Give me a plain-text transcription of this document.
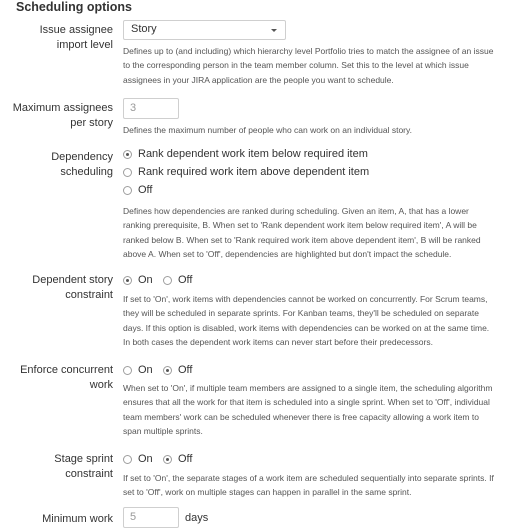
Scheduling options
Issue assignee
import level
Story
Defines up to (and including) which hierarchy level Portfolio tries to match the assignee of an issue
to the corresponding person in the team member column. Set this to the level at which issue
assignees in your JIRA application are the people you want to schedule.
Maximum assignees
per story
3
Defines the maximum number of people who can work on an individual story.
Dependency
scheduling
Rank dependent work item below required item
Rank required work item above dependent item
Off
Defines how dependencies are ranked during scheduling. Given an item, A, that has a lower
ranking prerequisite, B. When set to 'Rank dependent work item below required item', A will be
ranked below B. When set to 'Rank required work item above dependent item', B will be ranked
above A. When set to 'Off', dependencies are highlighted but don't impact the schedule.
Dependent story
constraint
On Off
If set to 'On', work items with dependencies cannot be worked on concurrently. For Scrum teams,
they will be scheduled in separate sprints. For Kanban teams, they'll be scheduled on separate
days. If this option is disabled, work items with dependencies can be worked on at the same time.
In both cases the dependent work items can never start before their predecessors.
Enforce concurrent
work
On Off
When set to 'On', if multiple team members are assigned to a single item, the scheduling algorithm
ensures that all the work for that item is scheduled into a single sprint. When set to 'Off', individual
team members' work can be scheduled whenever there is free capacity allowing a work item to
span multiple sprints.
Stage sprint
constraint
On Off
If set to 'On', the separate stages of a work item are scheduled sequentially into separate sprints. If
set to 'Off', work on multiple stages can happen in parallel in the same sprint.
Minimum work 5	days
